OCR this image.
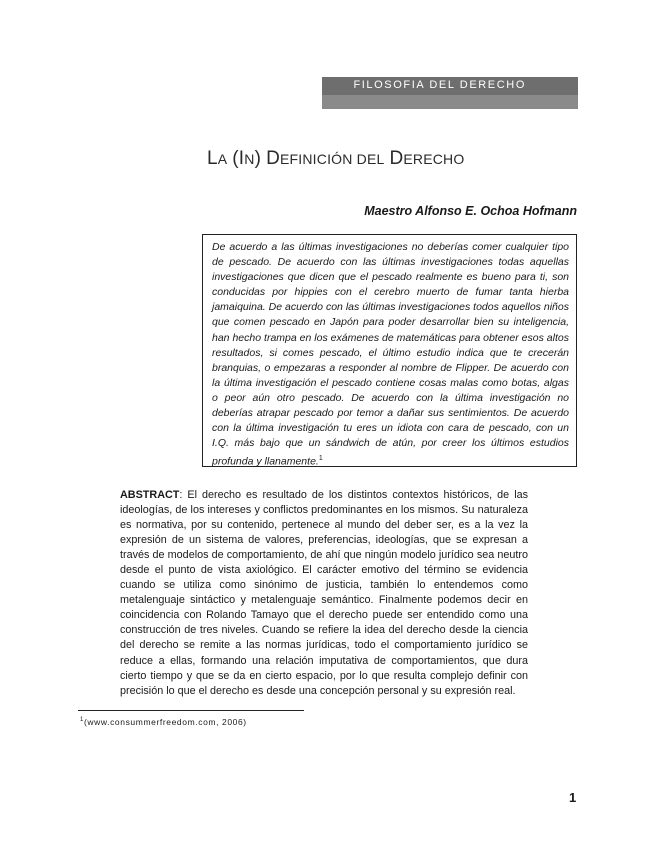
FILOSOFIA DEL DERECHO
LA (IN) DEFINICIÓN DEL DERECHO
Maestro Alfonso E. Ochoa Hofmann

De acuerdo a las últimas investigaciones no deberías comer cualquier tipo de pescado. De acuerdo con las últimas investigaciones todas aquellas investigaciones que dicen que el pescado realmente es bueno para ti, son conducidas por hippies con el cerebro muerto de fumar tanta hierba jamaiquina. De acuerdo con las últimas investigaciones todos aquellos niños que comen pescado en Japón para poder desarrollar bien su inteligencia, han hecho trampa en los exámenes de matemáticas para obtener esos altos resultados, si comes pescado, el último estudio indica que te crecerán branquias, o empezaras a responder al nombre de Flipper. De acuerdo con la última investigación el pescado contiene cosas malas como botas, algas o peor aún otro pescado. De acuerdo con la última investigación no deberías atrapar pescado por temor a dañar sus sentimientos. De acuerdo con la última investigación tu eres un idiota con cara de pescado, con un I.Q. más bajo que un sándwich de atún, por creer los últimos estudios profunda y llanamente.$^1$

ABSTRACT: El derecho es resultado de los distintos contextos históricos, de las ideologías, de los intereses y conflictos predominantes en los mismos. Su naturaleza es normativa, por su contenido, pertenece al mundo del deber ser, es a la vez la expresión de un sistema de valores, preferencias, ideologías, que se expresan a través de modelos de comportamiento, de ahí que ningún modelo jurídico sea neutro desde el punto de vista axiológico. El carácter emotivo del término se evidencia cuando se utiliza como sinónimo de justicia, también lo entendemos como metalenguaje sintáctico y metalenguaje semántico. Finalmente podemos decir en coincidencia con Rolando Tamayo que el derecho puede ser entendido como una construcción de tres niveles. Cuando se refiere la idea del derecho desde la ciencia del derecho se remite a las normas jurídicas, todo el comportamiento jurídico se reduce a ellas, formando una relación imputativa de comportamientos, que dura cierto tiempo y que se da en cierto espacio, por lo que resulta complejo definir con precisión lo que el derecho es desde una concepción personal y su expresión real.

$^1$(www.consummerfreedom.com, 2006)
1
